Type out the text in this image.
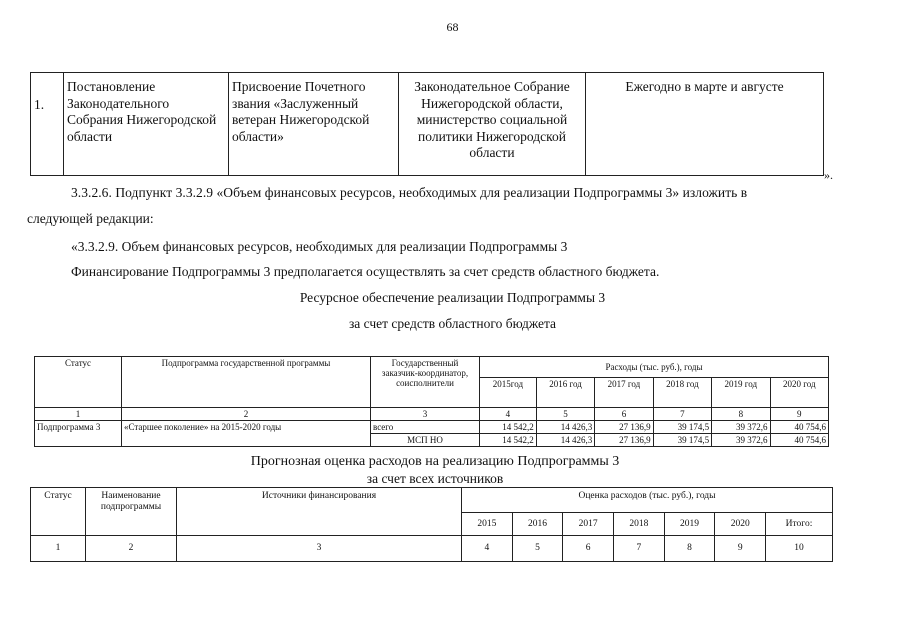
68
1.
	Постановление Законодательного Собрания Нижегородской области	Присвоение Почетного звания «Заслуженный ветеран Нижегородской области»	Законодательное Собрание Нижегородской области, министерство социальной политики Нижегородской области	Ежегодно в марте и августе
».
3.3.2.6. Подпункт 3.3.2.9 «Объем финансовых ресурсов, необходимых для реализации Подпрограммы 3» изложить в
следующей редакции:
«3.3.2.9. Объем финансовых ресурсов, необходимых для реализации Подпрограммы 3
Финансирование Подпрограммы 3 предполагается осуществлять за счет средств областного бюджета.
Ресурсное обеспечение реализации Подпрограммы 3
за счет средств областного бюджета
Статус	Подпрограмма государственной программы	Государственный заказчик-координатор, соисполнители	Расходы (тыс. руб.), годы					
			2015год	2016 год	2017 год	2018 год	2019 год	2020 год
1	2	3	4	5	6	7	8	9
Подпрограмма 3	«Старшее поколение» на 2015-2020 годы	всего	14 542,2	14 426,3	27 136,9	39 174,5	39 372,6	40 754,6
		МСП НО	14 542,2	14 426,3	27 136,9	39 174,5	39 372,6	40 754,6
Прогнозная оценка расходов на реализацию Подпрограммы 3
за счет всех источников
Статус	Наименование подпрограммы	Источники финансирования	Оценка расходов (тыс. руб.), годы						
			2015	2016	2017	2018	2019	2020	Итого:
1	2	3	4	5	6	7	8	9	10
